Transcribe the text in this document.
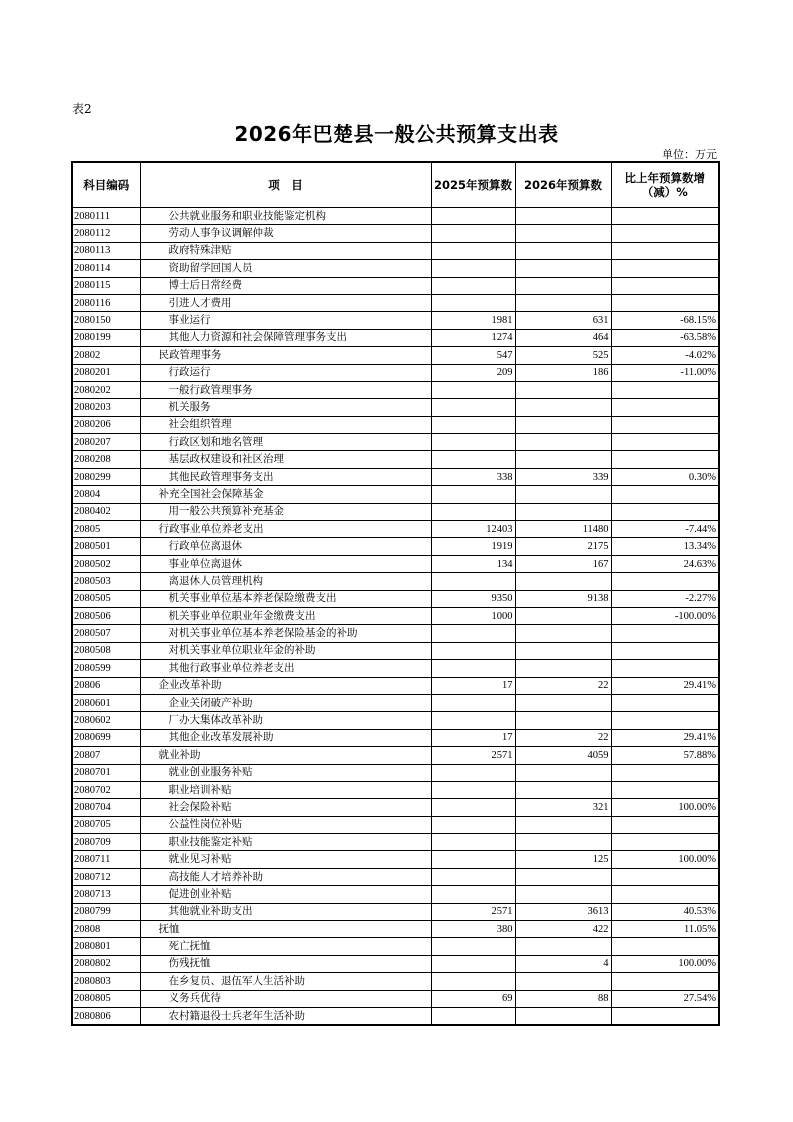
表2
2026年巴楚县一般公共预算支出表
单位：万元
科目编码	项　目	2025年预算数	2026年预算数	比上年预算数增
（减）%

2080111	公共就业服务和职业技能鉴定机构			
2080112	劳动人事争议调解仲裁			
2080113	政府特殊津贴			
2080114	资助留学回国人员			
2080115	博士后日常经费			
2080116	引进人才费用			
2080150	事业运行	1981	631	-68.15%
2080199	其他人力资源和社会保障管理事务支出	1274	464	-63.58%
20802	民政管理事务	547	525	-4.02%
2080201	行政运行	209	186	-11.00%
2080202	一般行政管理事务			
2080203	机关服务			
2080206	社会组织管理			
2080207	行政区划和地名管理			
2080208	基层政权建设和社区治理			
2080299	其他民政管理事务支出	338	339	0.30%
20804	补充全国社会保障基金			
2080402	用一般公共预算补充基金			
20805	行政事业单位养老支出	12403	11480	-7.44%
2080501	行政单位离退休	1919	2175	13.34%
2080502	事业单位离退休	134	167	24.63%
2080503	离退休人员管理机构			
2080505	机关事业单位基本养老保险缴费支出	9350	9138	-2.27%
2080506	机关事业单位职业年金缴费支出	1000		-100.00%
2080507	对机关事业单位基本养老保险基金的补助			
2080508	对机关事业单位职业年金的补助			
2080599	其他行政事业单位养老支出			
20806	企业改革补助	17	22	29.41%
2080601	企业关闭破产补助			
2080602	厂办大集体改革补助			
2080699	其他企业改革发展补助	17	22	29.41%
20807	就业补助	2571	4059	57.88%
2080701	就业创业服务补贴			
2080702	职业培训补贴			
2080704	社会保险补贴		321	100.00%
2080705	公益性岗位补贴			
2080709	职业技能鉴定补贴			
2080711	就业见习补贴		125	100.00%
2080712	高技能人才培养补助			
2080713	促进创业补贴			
2080799	其他就业补助支出	2571	3613	40.53%
20808	抚恤	380	422	11.05%
2080801	死亡抚恤			
2080802	伤残抚恤		4	100.00%
2080803	在乡复员、退伍军人生活补助			
2080805	义务兵优待	69	88	27.54%
2080806	农村籍退役士兵老年生活补助			
